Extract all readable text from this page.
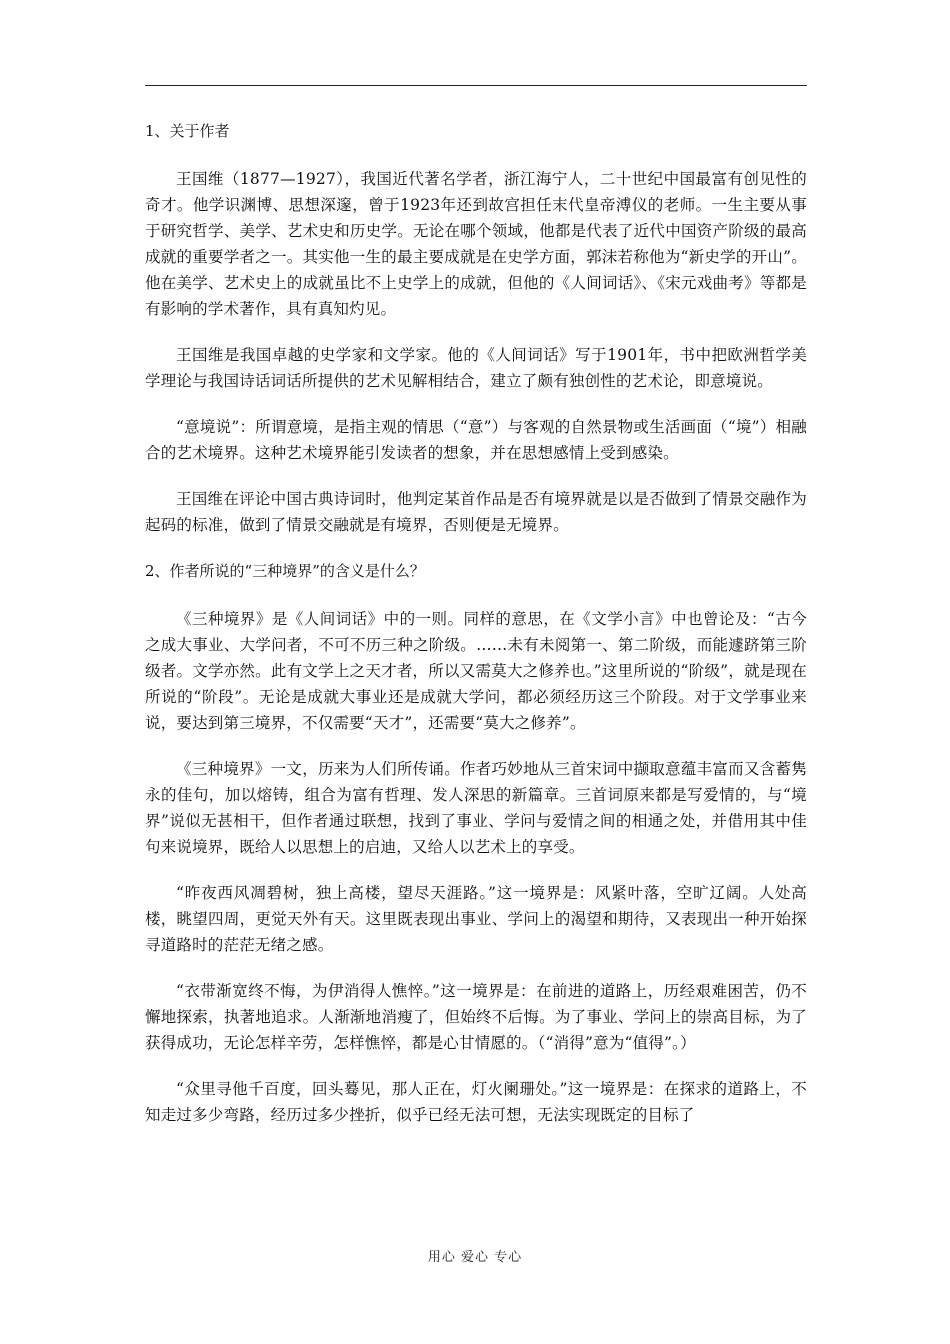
1、关于作者

王国维（1877—1927），我国近代著名学者，浙江海宁人，二十世纪中国最富有创见性的奇才。他学识渊博、思想深邃，曾于1923年还到故宫担任末代皇帝溥仪的老师。一生主要从事于研究哲学、美学、艺术史和历史学。无论在哪个领域，他都是代表了近代中国资产阶级的最高成就的重要学者之一。其实他一生的最主要成就是在史学方面，郭沫若称他为“新史学的开山”。他在美学、艺术史上的成就虽比不上史学上的成就，但他的《人间词话》、《宋元戏曲考》等都是有影响的学术著作，具有真知灼见。

王国维是我国卓越的史学家和文学家。他的《人间词话》写于1901年，书中把欧洲哲学美学理论与我国诗话词话所提供的艺术见解相结合，建立了颇有独创性的艺术论，即意境说。

“意境说”：所谓意境，是指主观的情思（“意”）与客观的自然景物或生活画面（“境”）相融合的艺术境界。这种艺术境界能引发读者的想象，并在思想感情上受到感染。

王国维在评论中国古典诗词时，他判定某首作品是否有境界就是以是否做到了情景交融作为起码的标准，做到了情景交融就是有境界，否则便是无境界。

2、作者所说的“三种境界”的含义是什么？

《三种境界》是《人间词话》中的一则。同样的意思，在《文学小言》中也曾论及：“古今之成大事业、大学问者，不可不历三种之阶级。……未有未阅第一、第二阶级，而能遽跻第三阶级者。文学亦然。此有文学上之天才者，所以又需莫大之修养也。”这里所说的“阶级”，就是现在所说的“阶段”。无论是成就大事业还是成就大学问，都必须经历这三个阶段。对于文学事业来说，要达到第三境界，不仅需要“天才”，还需要“莫大之修养”。

《三种境界》一文，历来为人们所传诵。作者巧妙地从三首宋词中撷取意蕴丰富而又含蓄隽永的佳句，加以熔铸，组合为富有哲理、发人深思的新篇章。三首词原来都是写爱情的，与“境界”说似无甚相干，但作者通过联想，找到了事业、学问与爱情之间的相通之处，并借用其中佳句来说境界，既给人以思想上的启迪，又给人以艺术上的享受。

“昨夜西风凋碧树，独上高楼，望尽天涯路。”这一境界是：风紧叶落，空旷辽阔。人处高楼，眺望四周，更觉天外有天。这里既表现出事业、学问上的渴望和期待，又表现出一种开始探寻道路时的茫茫无绪之感。

“衣带渐宽终不悔，为伊消得人憔悴。”这一境界是：在前进的道路上，历经艰难困苦，仍不懈地探索，执著地追求。人渐渐地消瘦了，但始终不后悔。为了事业、学问上的崇高目标，为了获得成功，无论怎样辛劳，怎样憔悴，都是心甘情愿的。（“消得”意为“值得”。）

“众里寻他千百度，回头蓦见，那人正在，灯火阑珊处。”这一境界是：在探求的道路上，不知走过多少弯路，经历过多少挫折，似乎已经无法可想，无法实现既定的目标了

用心 爱心 专心
